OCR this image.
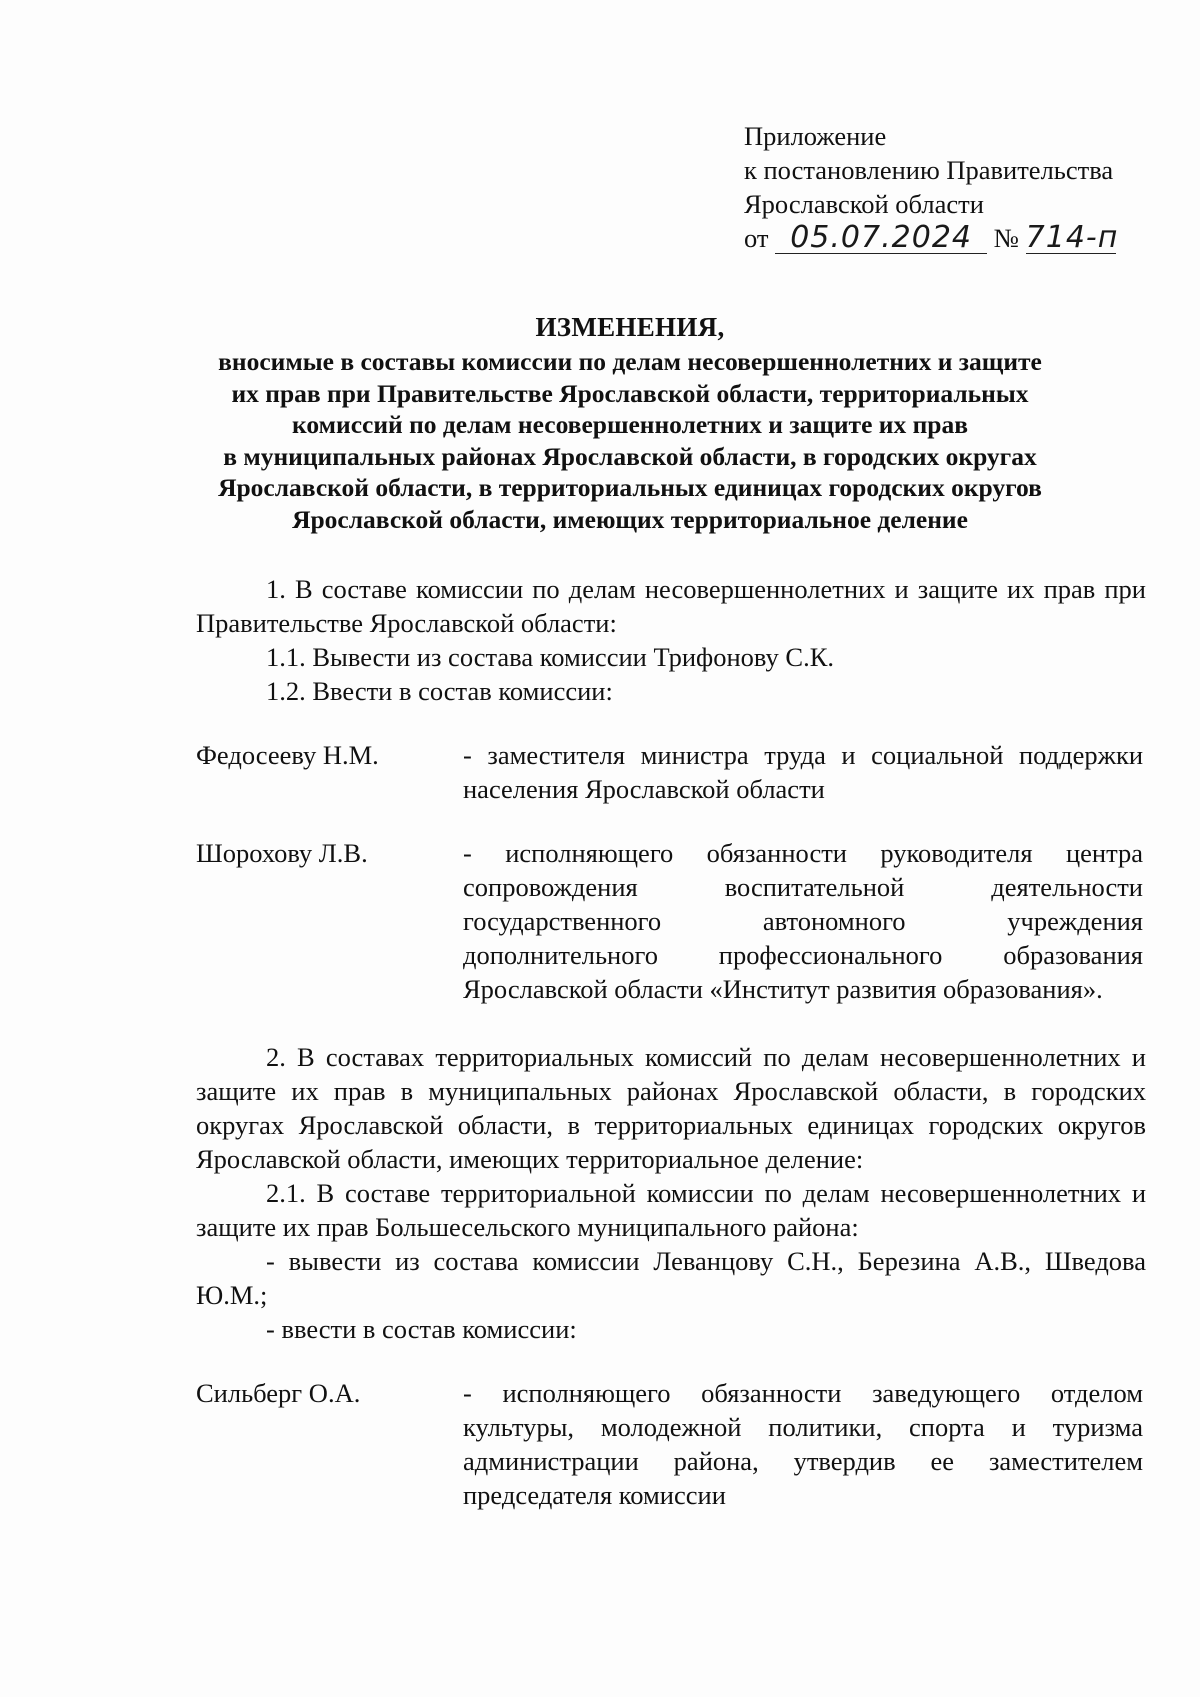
Приложение
к постановлению Правительства
Ярославской области
от 05.07.2024 № 714-п
ИЗМЕНЕНИЯ,
вносимые в составы комиссии по делам несовершеннолетних и защите
их прав при Правительстве Ярославской области, территориальных
комиссий по делам несовершеннолетних и защите их прав
в муниципальных районах Ярославской области, в городских округах
Ярославской области, в территориальных единицах городских округов
Ярославской области, имеющих территориальное деление

1. В составе комиссии по делам несовершеннолетних и защите их прав при Правительстве Ярославской области:

1.1. Вывести из состава комиссии Трифонову С.К.

1.2. Ввести в состав комиссии:

Федосееву Н.М.	- заместителя министра труда и социальной поддержки населения Ярославской области
Шорохову Л.В.	- исполняющего обязанности руководителя центра сопровождения воспитательной деятельности государственного автономного учреждения дополнительного профессионального образования Ярославской области «Институт развития образования».

2. В составах территориальных комиссий по делам несовершеннолетних и защите их прав в муниципальных районах Ярославской области, в городских округах Ярославской области, в территориальных единицах городских округов Ярославской области, имеющих территориальное деление:

2.1. В составе территориальной комиссии по делам несовершеннолетних и защите их прав Большесельского муниципального района:

- вывести из состава комиссии Леванцову С.Н., Березина А.В., Шведова Ю.М.;

- ввести в состав комиссии:

Сильберг О.А.	- исполняющего обязанности заведующего отделом культуры, молодежной политики, спорта и туризма администрации района, утвердив ее заместителем председателя комиссии
